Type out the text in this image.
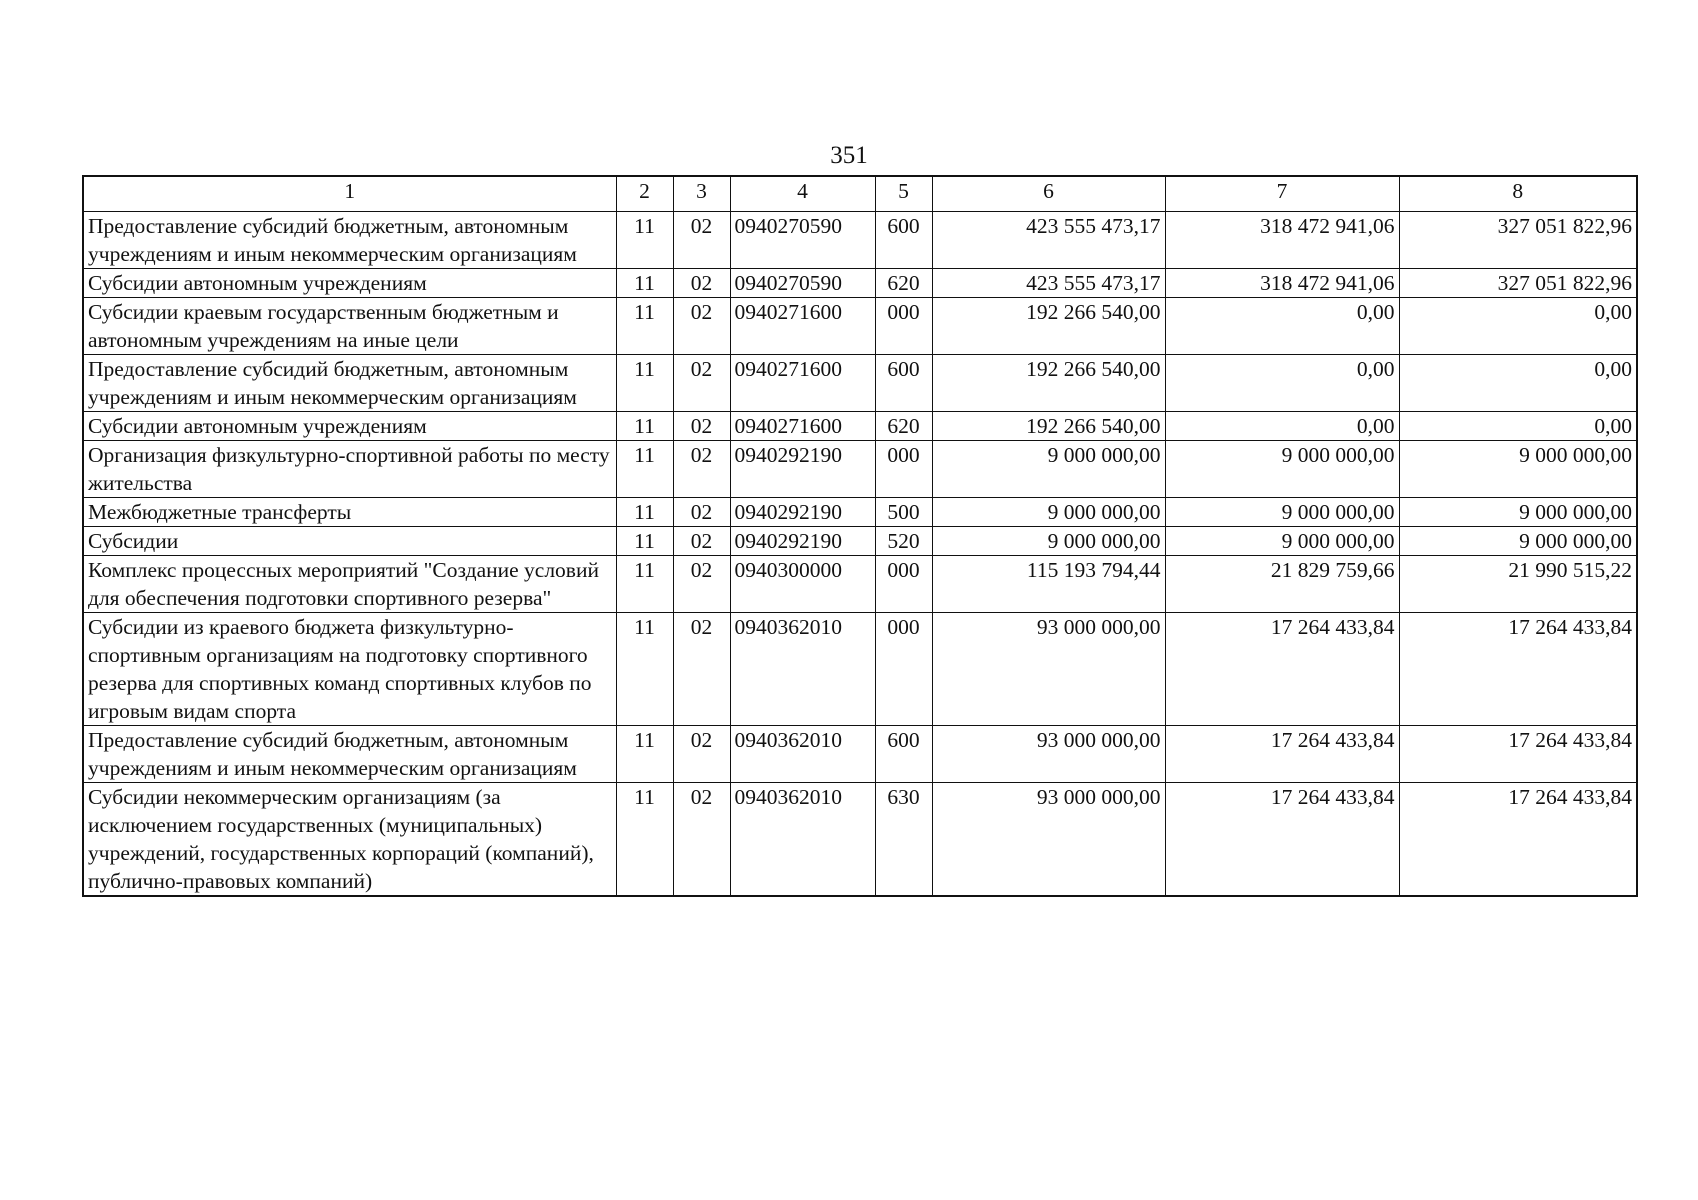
351
1	2	3	4	5	6	7	8
Предоставление субсидий бюджетным, автономным учреждениям и иным некоммерческим организациям	11	02	0940270590	600	423 555 473,17	318 472 941,06	327 051 822,96
Субсидии автономным учреждениям	11	02	0940270590	620	423 555 473,17	318 472 941,06	327 051 822,96
Субсидии краевым государственным бюджетным и автономным учреждениям на иные цели	11	02	0940271600	000	192 266 540,00	0,00	0,00
Предоставление субсидий бюджетным, автономным учреждениям и иным некоммерческим организациям	11	02	0940271600	600	192 266 540,00	0,00	0,00
Субсидии автономным учреждениям	11	02	0940271600	620	192 266 540,00	0,00	0,00
Организация физкультурно-спортивной работы по месту жительства	11	02	0940292190	000	9 000 000,00	9 000 000,00	9 000 000,00
Межбюджетные трансферты	11	02	0940292190	500	9 000 000,00	9 000 000,00	9 000 000,00
Субсидии	11	02	0940292190	520	9 000 000,00	9 000 000,00	9 000 000,00
Комплекс процессных мероприятий "Создание условий для обеспечения подготовки спортивного резерва"	11	02	0940300000	000	115 193 794,44	21 829 759,66	21 990 515,22
Субсидии из краевого бюджета физкультурно-спортивным организациям на подготовку спортивного резерва для спортивных команд спортивных клубов по игровым видам спорта	11	02	0940362010	000	93 000 000,00	17 264 433,84	17 264 433,84
Предоставление субсидий бюджетным, автономным учреждениям и иным некоммерческим организациям	11	02	0940362010	600	93 000 000,00	17 264 433,84	17 264 433,84
Субсидии некоммерческим организациям (за исключением государственных (муниципальных) учреждений, государственных корпораций (компаний), публично-правовых компаний)	11	02	0940362010	630	93 000 000,00	17 264 433,84	17 264 433,84
